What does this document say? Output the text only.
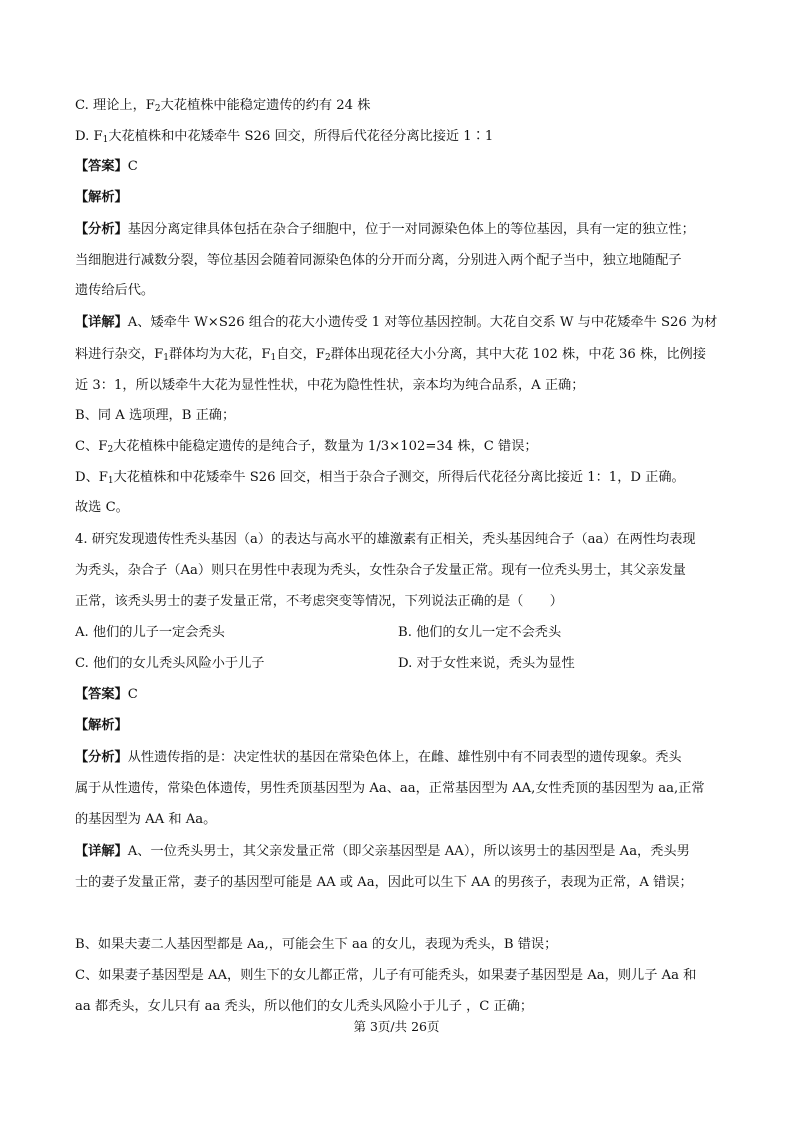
C. 理论上，$F_2$大花植株中能稳定遗传的约有 24 株
D. $F_1$大花植株和中花矮牵牛 S26 回交，所得后代花径分离比接近 1∶1
【答案】C
【解析】
【分析】基因分离定律具体包括在杂合子细胞中，位于一对同源染色体上的等位基因，具有一定的独立性；
当细胞进行减数分裂，等位基因会随着同源染色体的分开而分离，分别进入两个配子当中，独立地随配子
遗传给后代。
【详解】A、矮牵牛 W×S26 组合的花大小遗传受 1 对等位基因控制。大花自交系 W 与中花矮牵牛 S26 为材
料进行杂交，$F_1$群体均为大花，$F_1$自交，$F_2$群体出现花径大小分离，其中大花 102 株，中花 36 株，比例接
近 3：1，所以矮牵牛大花为显性性状，中花为隐性性状，亲本均为纯合品系，A 正确；
B、同 A 选项理，B 正确；
C、$F_2$大花植株中能稳定遗传的是纯合子，数量为 1/3×102=34 株，C 错误；
D、$F_1$大花植株和中花矮牵牛 S26 回交，相当于杂合子测交，所得后代花径分离比接近 1：1，D 正确。
故选 C。
4. 研究发现遗传性秃头基因（a）的表达与高水平的雄激素有正相关，秃头基因纯合子（aa）在两性均表现
为秃头，杂合子（Aa）则只在男性中表现为秃头，女性杂合子发量正常。现有一位秃头男士，其父亲发量
正常，该秃头男士的妻子发量正常，不考虑突变等情况，下列说法正确的是（　　）
A. 他们的儿子一定会秃头	B. 他们的女儿一定不会秃头
C. 他们的女儿秃头风险小于儿子	D. 对于女性来说，秃头为显性
【答案】C
【解析】
【分析】从性遗传指的是：决定性状的基因在常染色体上，在雌、雄性别中有不同表型的遗传现象。秃头
属于从性遗传，常染色体遗传，男性秃顶基因型为 Aa、aa，正常基因型为 AA,女性秃顶的基因型为 aa,正常
的基因型为 AA 和 Aa。
【详解】A、一位秃头男士，其父亲发量正常（即父亲基因型是 AA），所以该男士的基因型是 Aa，秃头男
士的妻子发量正常，妻子的基因型可能是 AA 或 Aa，因此可以生下 AA 的男孩子，表现为正常，A 错误；
B、如果夫妻二人基因型都是 Aa,，可能会生下 aa 的女儿，表现为秃头，B 错误；
C、如果妻子基因型是 AA，则生下的女儿都正常，儿子有可能秃头，如果妻子基因型是 Aa，则儿子 Aa 和
aa 都秃头，女儿只有 aa 秃头，所以他们的女儿秃头风险小于儿子 ，C 正确；
第 3页/共 26页
